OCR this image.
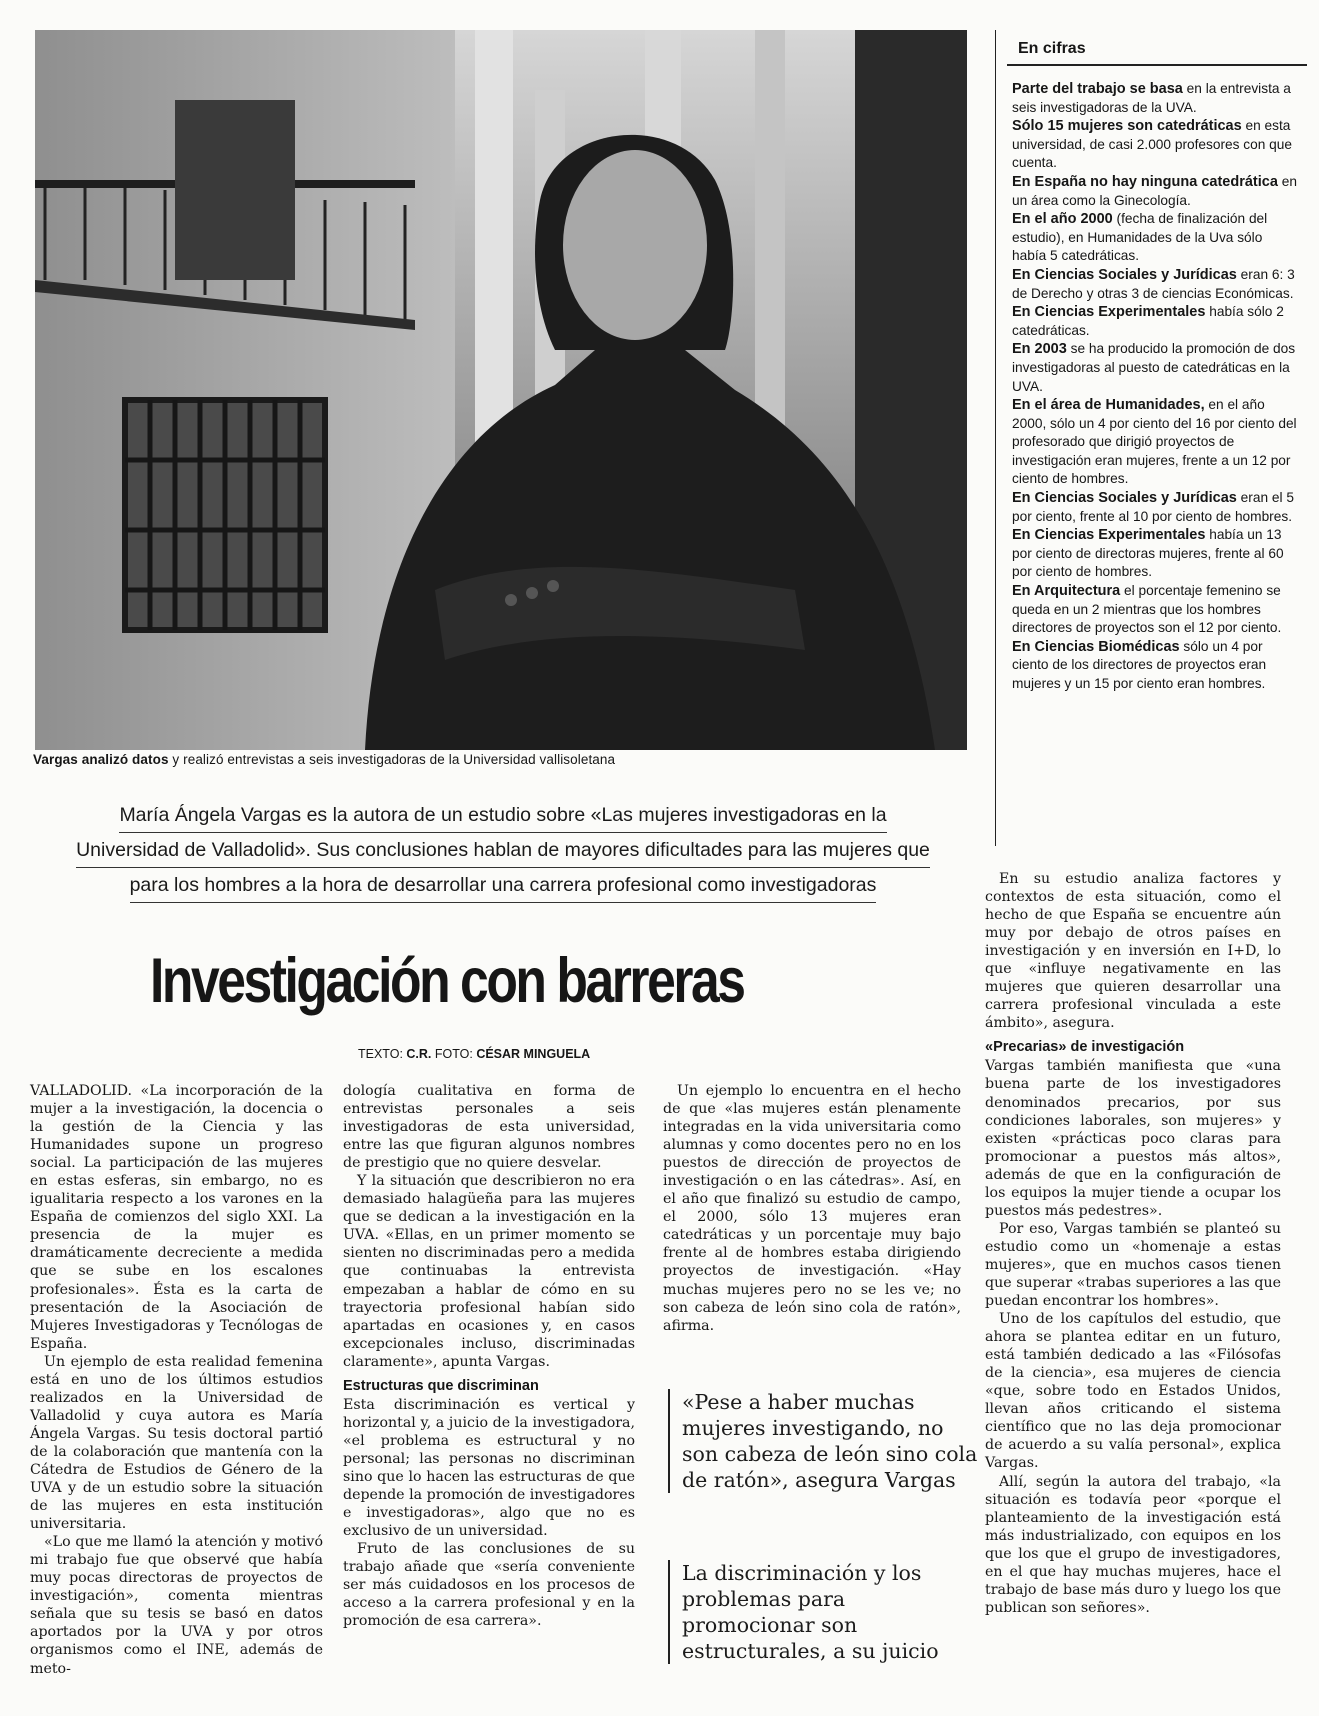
Vargas analizó datos y realizó entrevistas a seis investigadoras de la Universidad vallisoletana
En cifras
Parte del trabajo se basa en la entrevista a seis investigadoras de la UVA.
Sólo 15 mujeres son catedráticas en esta universidad, de casi 2.000 profesores con que cuenta.
En España no hay ninguna catedrática en un área como la Ginecología.
En el año 2000 (fecha de finalización del estudio), en Humanidades de la Uva sólo había 5 catedráticas.
En Ciencias Sociales y Jurídicas eran 6: 3 de Derecho y otras 3 de ciencias Económicas.
En Ciencias Experimentales había sólo 2 catedráticas.
En 2003 se ha producido la promoción de dos investigadoras al puesto de catedráticas en la UVA.
En el área de Humanidades, en el año 2000, sólo un 4 por ciento del 16 por ciento del profesorado que dirigió proyectos de investigación eran mujeres, frente a un 12 por ciento de hombres.
En Ciencias Sociales y Jurídicas eran el 5 por ciento, frente al 10 por ciento de hombres.
En Ciencias Experimentales había un 13 por ciento de directoras mujeres, frente al 60 por ciento de hombres.
En Arquitectura el porcentaje femenino se queda en un 2 mientras que los hombres directores de proyectos son el 12 por ciento.
En Ciencias Biomédicas sólo un 4 por ciento de los directores de proyectos eran mujeres y un 15 por ciento eran hombres.
María Ángela Vargas es la autora de un estudio sobre «Las mujeres investigadoras en la
Universidad de Valladolid». Sus conclusiones hablan de mayores dificultades para las mujeres que
para los hombres a la hora de desarrollar una carrera profesional como investigadoras
Investigación con barreras
TEXTO: C.R. FOTO: CÉSAR MINGUELA

VALLADOLID. «La incorporación de la mujer a la investigación, la docencia o la gestión de la Ciencia y las Humanidades supone un progreso social. La participación de las mujeres en estas esferas, sin embargo, no es igualitaria respecto a los varones en la España de comienzos del siglo XXI. La presencia de la mujer es dramáticamente decreciente a medida que se sube en los escalones profesionales». Ésta es la carta de presentación de la Asociación de Mujeres Investigadoras y Tecnólogas de España.

Un ejemplo de esta realidad femenina está en uno de los últimos estudios realizados en la Universidad de Valladolid y cuya autora es María Ángela Vargas. Su tesis doctoral partió de la colaboración que mantenía con la Cátedra de Estudios de Género de la UVA y de un estudio sobre la situación de las mujeres en esta institución universitaria.

«Lo que me llamó la atención y motivó mi trabajo fue que observé que había muy pocas directoras de proyectos de investigación», comenta mientras señala que su tesis se basó en datos aportados por la UVA y por otros organismos como el INE, además de meto-

dología cualitativa en forma de entrevistas personales a seis investigadoras de esta universidad, entre las que figuran algunos nombres de prestigio que no quiere desvelar.

Y la situación que describieron no era demasiado halagüeña para las mujeres que se dedican a la investigación en la UVA. «Ellas, en un primer momento se sienten no discriminadas pero a medida que continuabas la entrevista empezaban a hablar de cómo en su trayectoria profesional habían sido apartadas en ocasiones y, en casos excepcionales incluso, discriminadas claramente», apunta Vargas.

Estructuras que discriminan

Esta discriminación es vertical y horizontal y, a juicio de la investigadora, «el problema es estructural y no personal; las personas no discriminan sino que lo hacen las estructuras de que depende la promoción de investigadores e investigadoras», algo que no es exclusivo de un universidad.

Fruto de las conclusiones de su trabajo añade que «sería conveniente ser más cuidadosos en los procesos de acceso a la carrera profesional y en la promoción de esa carrera».

Un ejemplo lo encuentra en el hecho de que «las mujeres están plenamente integradas en la vida universitaria como alumnas y como docentes pero no en los puestos de dirección de proyectos de investigación o en las cátedras». Así, en el año que finalizó su estudio de campo, el 2000, sólo 13 mujeres eran catedráticas y un porcentaje muy bajo frente al de hombres estaba dirigiendo proyectos de investigación. «Hay muchas mujeres pero no se les ve; no son cabeza de león sino cola de ratón», afirma.

«Pese a haber muchas mujeres investigando, no son cabeza de león sino cola de ratón», asegura Vargas
La discriminación y los problemas para promocionar son estructurales, a su juicio

En su estudio analiza factores y contextos de esta situación, como el hecho de que España se encuentre aún muy por debajo de otros países en investigación y en inversión en I+D, lo que «influye negativamente en las mujeres que quieren desarrollar una carrera profesional vinculada a este ámbito», asegura.

«Precarias» de investigación

Vargas también manifiesta que «una buena parte de los investigadores denominados precarios, por sus condiciones laborales, son mujeres» y existen «prácticas poco claras para promocionar a puestos más altos», además de que en la configuración de los equipos la mujer tiende a ocupar los puestos más pedestres».

Por eso, Vargas también se planteó su estudio como un «homenaje a estas mujeres», que en muchos casos tienen que superar «trabas superiores a las que puedan encontrar los hombres».

Uno de los capítulos del estudio, que ahora se plantea editar en un futuro, está también dedicado a las «Filósofas de la ciencia», esa mujeres de ciencia «que, sobre todo en Estados Unidos, llevan años criticando el sistema científico que no las deja promocionar de acuerdo a su valía personal», explica Vargas.

Allí, según la autora del trabajo, «la situación es todavía peor «porque el planteamiento de la investigación está más industrializado, con equipos en los que los que el grupo de investigadores, en el que hay muchas mujeres, hace el trabajo de base más duro y luego los que publican son señores».
